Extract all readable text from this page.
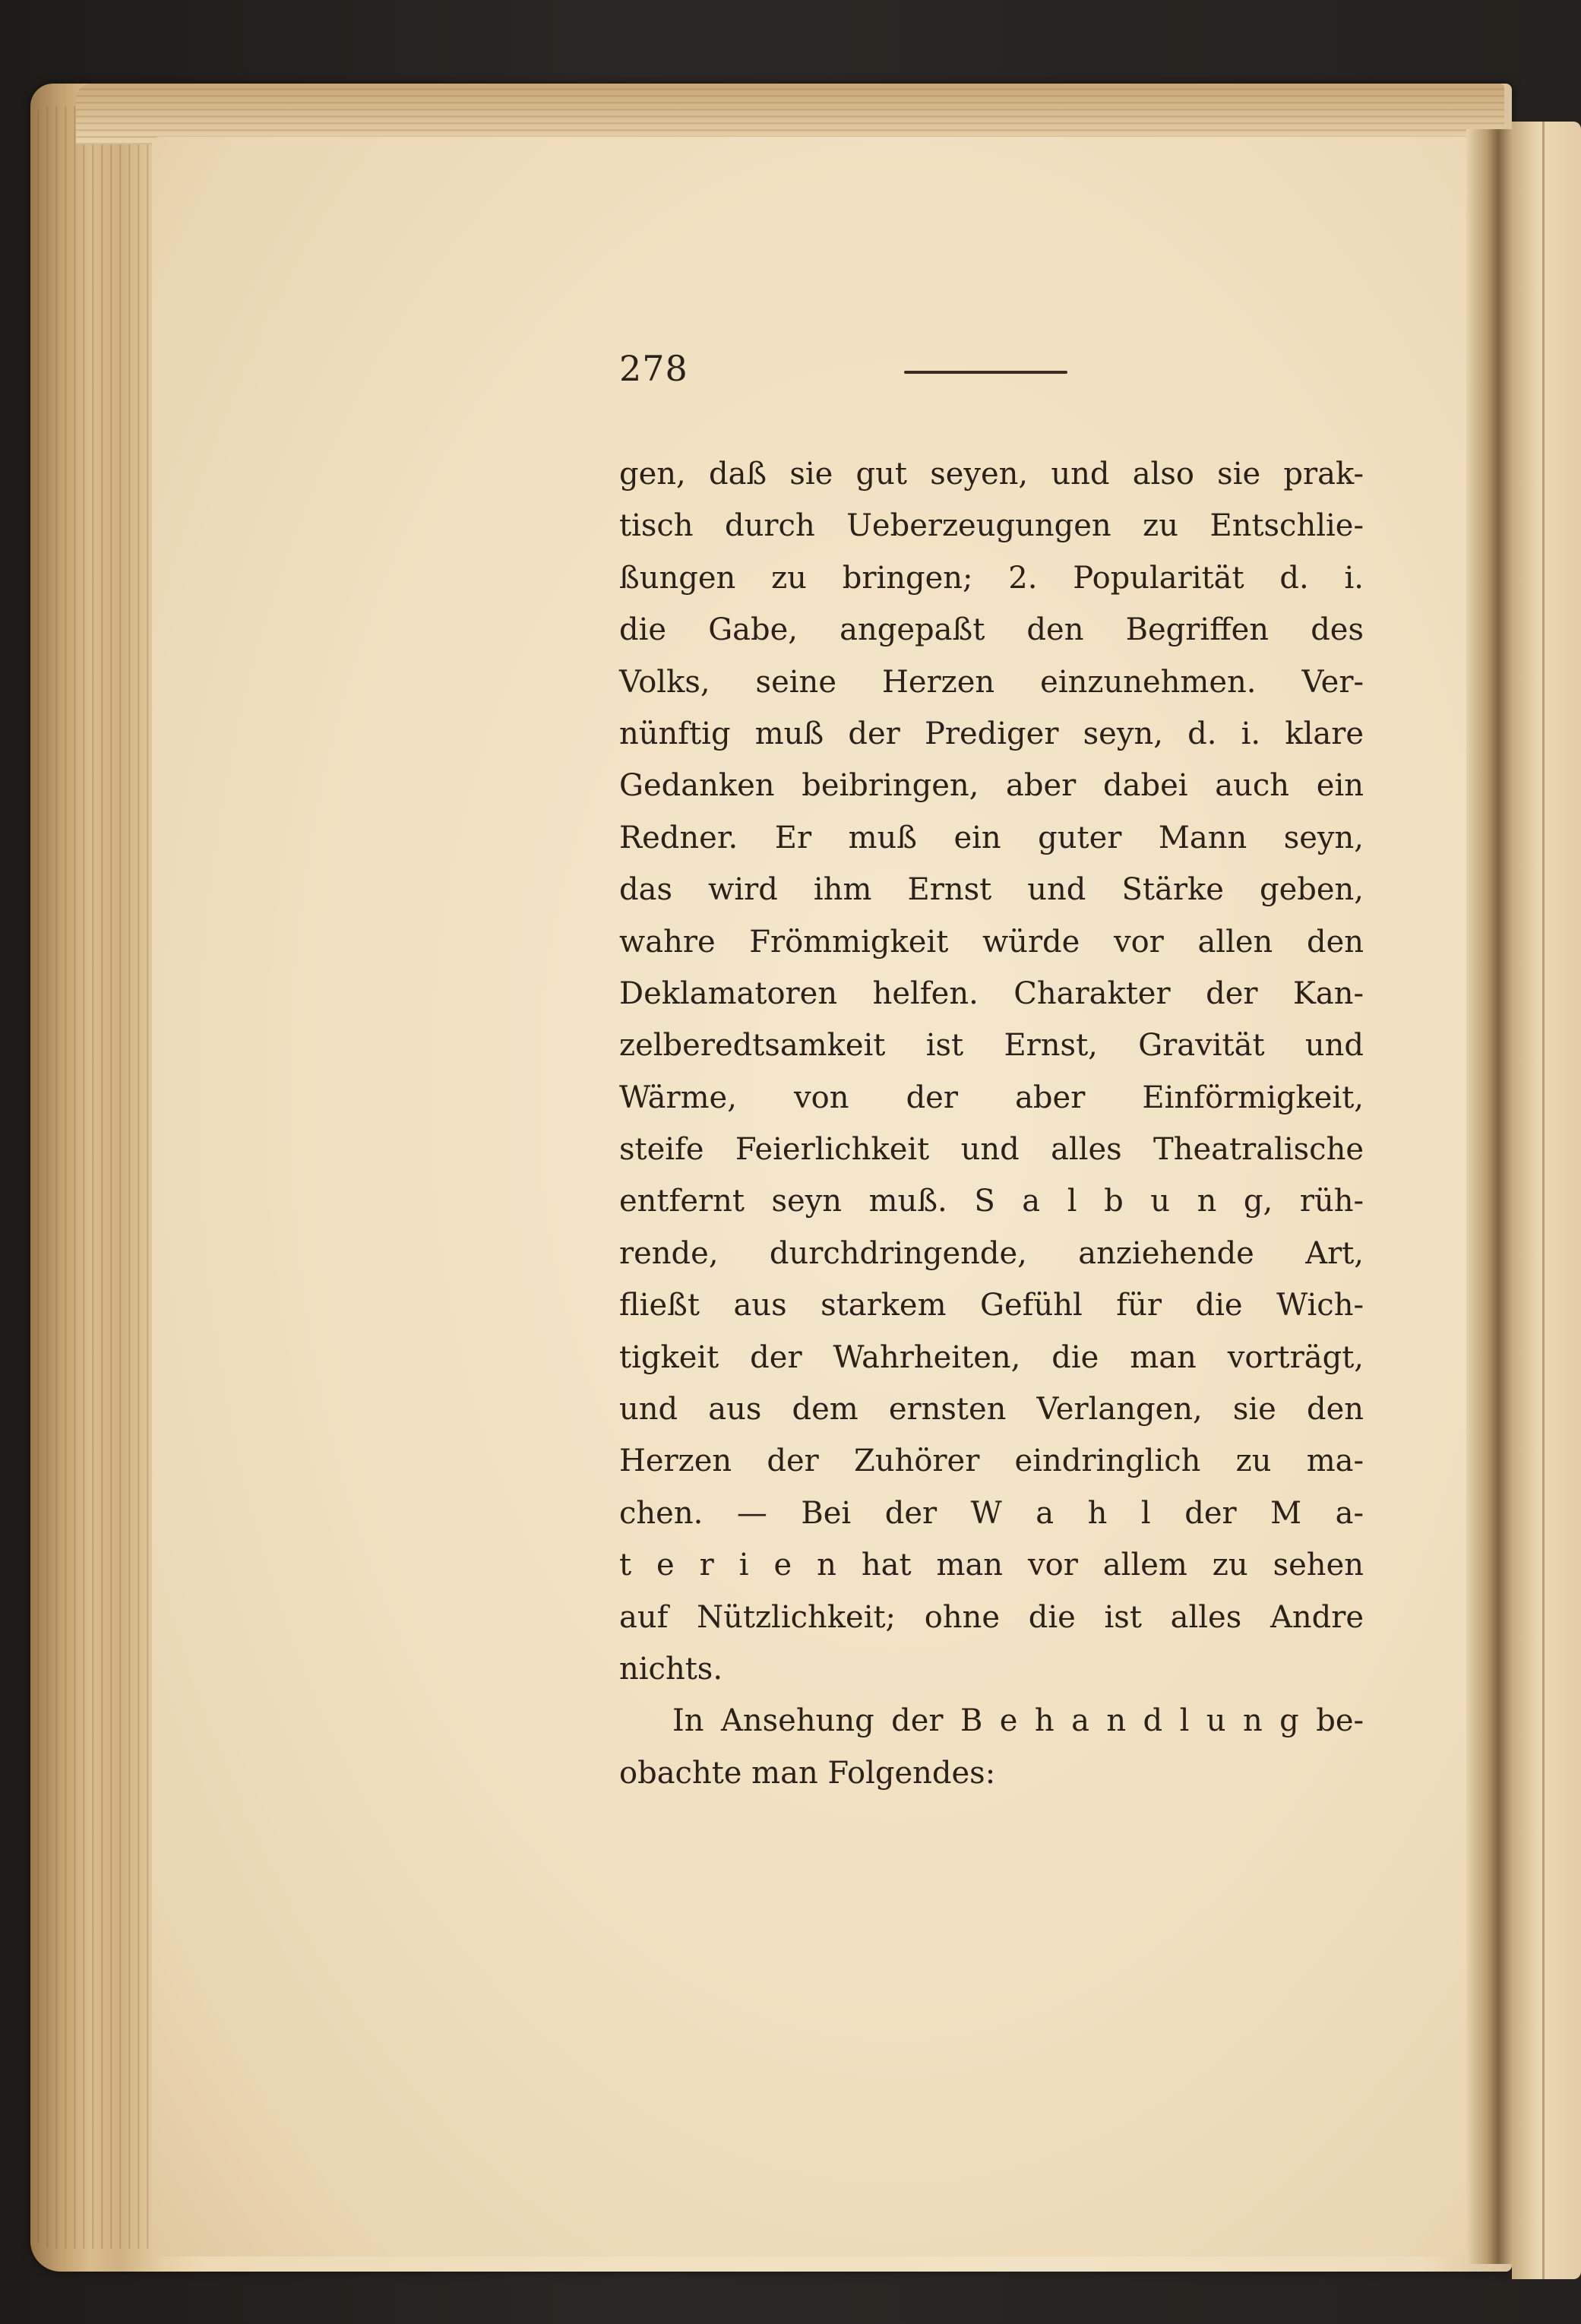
278
gen, daß sie gut seyen, und also sie prak-
tisch durch Ueberzeugungen zu Entschlie-
ßungen zu bringen; 2. Popularität d. i.
die Gabe, angepaßt den Begriffen des
Volks, seine Herzen einzunehmen. Ver-
nünftig muß der Prediger seyn, d. i. klare
Gedanken beibringen, aber dabei auch ein
Redner. Er muß ein guter Mann seyn,
das wird ihm Ernst und Stärke geben,
wahre Frömmigkeit würde vor allen den
Deklamatoren helfen. Charakter der Kan-
zelberedtsamkeit ist Ernst, Gravität und
Wärme, von der aber Einförmigkeit,
steife Feierlichkeit und alles Theatralische
entfernt seyn muß. S a l b u n g, rüh-
rende, durchdringende, anziehende Art,
fließt aus starkem Gefühl für die Wich-
tigkeit der Wahrheiten, die man vorträgt,
und aus dem ernsten Verlangen, sie den
Herzen der Zuhörer eindringlich zu ma-
chen. — Bei der W a h l der M a-
t e r i e n hat man vor allem zu sehen
auf Nützlichkeit; ohne die ist alles Andre
nichts.
In Ansehung der B e h a n d l u n g be-
obachte man Folgendes:
